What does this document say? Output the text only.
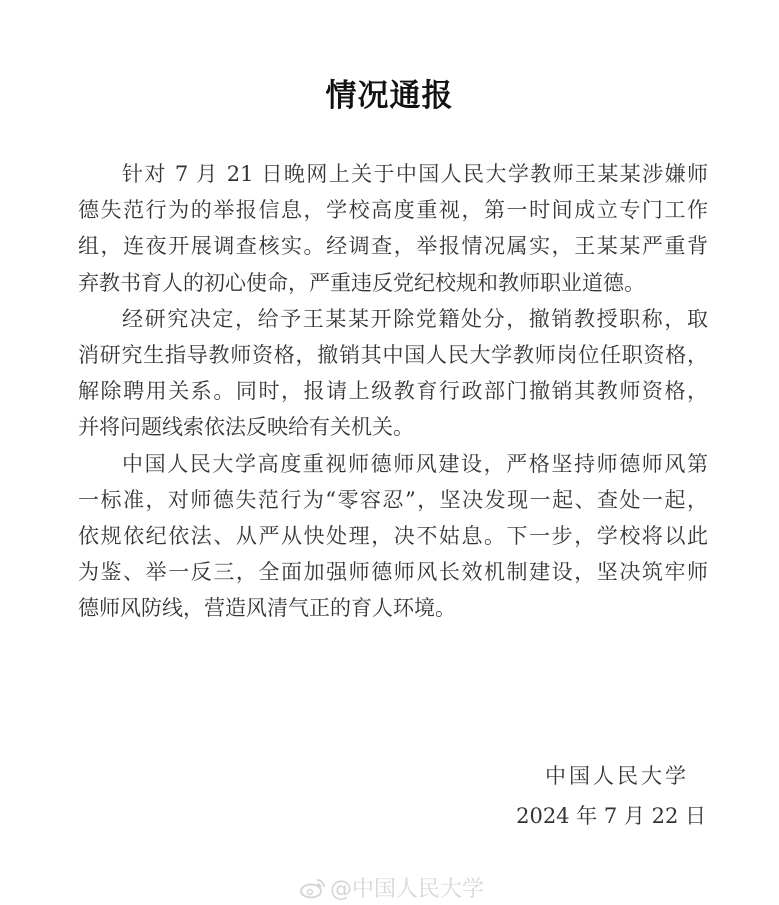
情况通报
针对 7 月 21 日晚网上关于中国人民大学教师王某某涉嫌师
德失范行为的举报信息，学校高度重视，第一时间成立专门工作
组，连夜开展调查核实。经调查，举报情况属实，王某某严重背
弃教书育人的初心使命，严重违反党纪校规和教师职业道德。
经研究决定，给予王某某开除党籍处分，撤销教授职称，取
消研究生指导教师资格，撤销其中国人民大学教师岗位任职资格，
解除聘用关系。同时，报请上级教育行政部门撤销其教师资格，
并将问题线索依法反映给有关机关。
中国人民大学高度重视师德师风建设，严格坚持师德师风第
一标准，对师德失范行为“零容忍”，坚决发现一起、查处一起，
依规依纪依法、从严从快处理，决不姑息。下一步，学校将以此
为鉴、举一反三，全面加强师德师风长效机制建设，坚决筑牢师
德师风防线，营造风清气正的育人环境。
中国人民大学
2024 年 7 月 22 日
@中国人民大学
